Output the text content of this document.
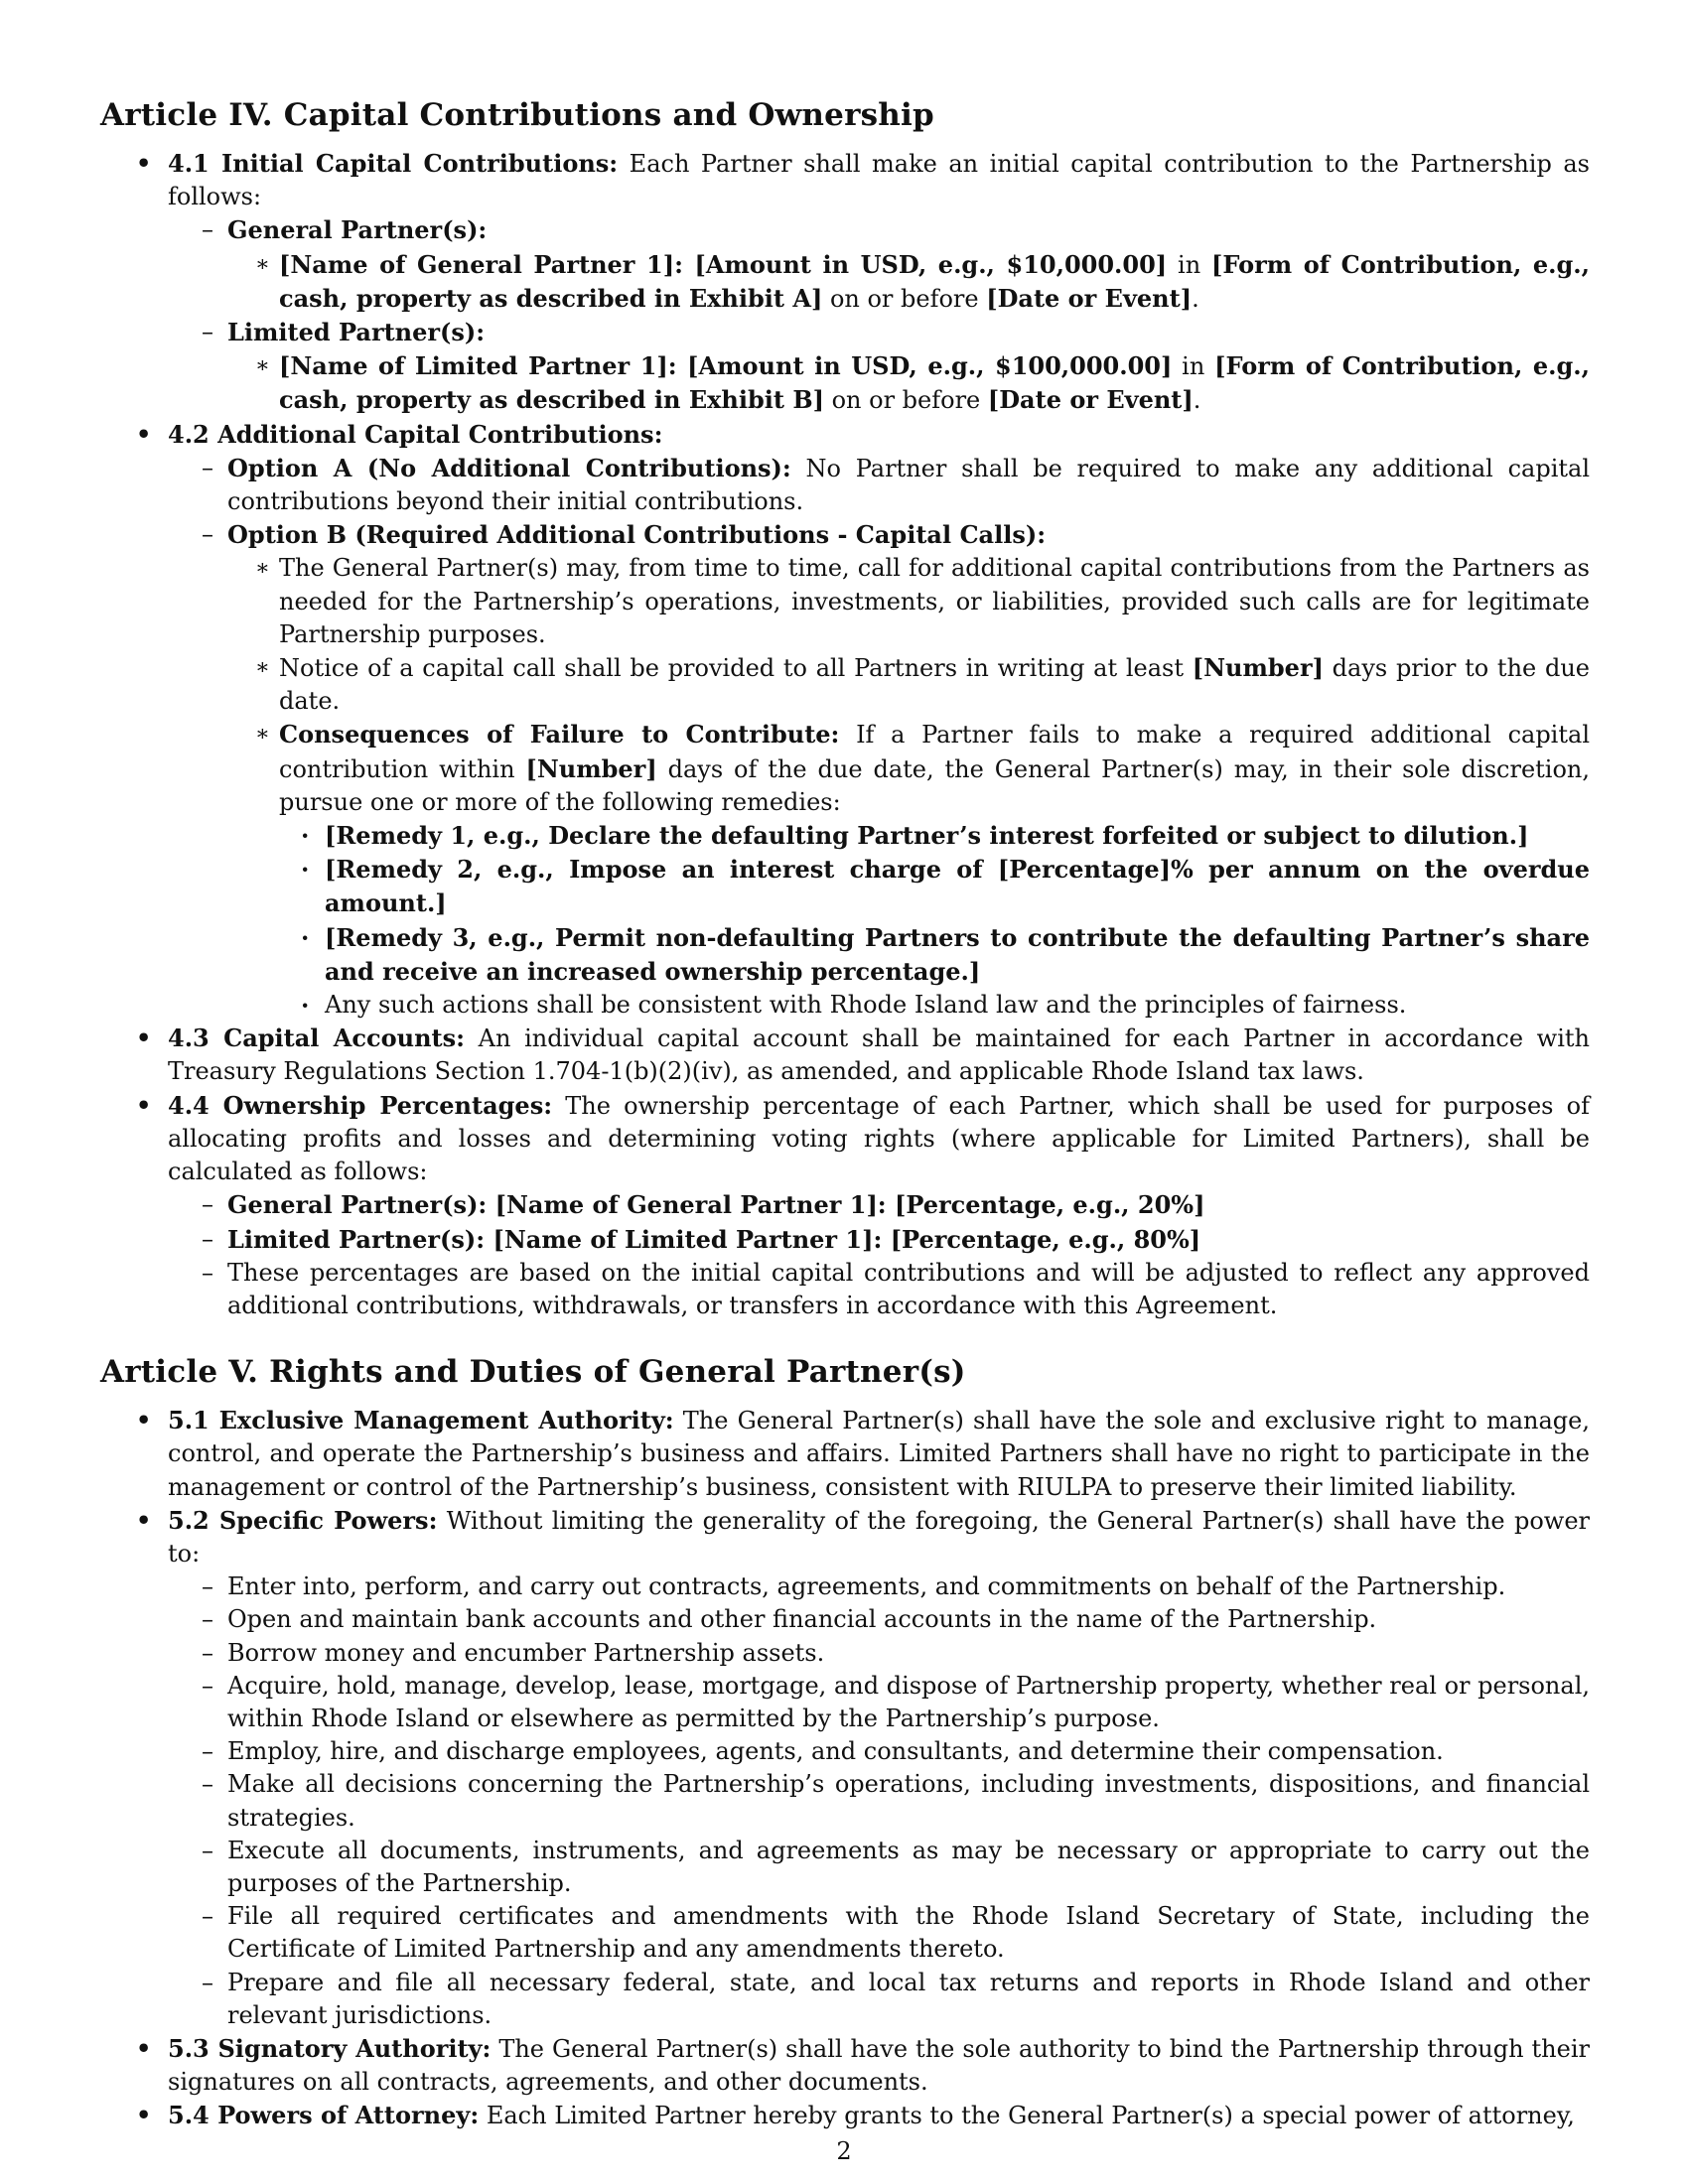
Article IV. Capital Contributions and Ownership
• 4.1 Initial Capital Contributions: Each Partner shall make an initial capital contribution to the Partnership as follows:
– General Partner(s):
∗ [Name of General Partner 1]: [Amount in USD, e.g., $10,000.00] in [Form of Contribution, e.g., cash, property as described in Exhibit A] on or before [Date or Event].
– Limited Partner(s):
∗ [Name of Limited Partner 1]: [Amount in USD, e.g., $100,000.00] in [Form of Contribution, e.g., cash, property as described in Exhibit B] on or before [Date or Event].
• 4.2 Additional Capital Contributions:
– Option A (No Additional Contributions): No Partner shall be required to make any additional capital contributions beyond their initial contributions.
– Option B (Required Additional Contributions - Capital Calls):
∗ The General Partner(s) may, from time to time, call for additional capital contributions from the Partners as needed for the Partnership’s operations, investments, or liabilities, provided such calls are for legitimate Partnership purposes.
∗ Notice of a capital call shall be provided to all Partners in writing at least [Number] days prior to the due date.
∗ Consequences of Failure to Contribute: If a Partner fails to make a required additional capital contribution within [Number] days of the due date, the General Partner(s) may, in their sole discretion, pursue one or more of the following remedies:
· [Remedy 1, e.g., Declare the defaulting Partner’s interest forfeited or subject to dilution.]
· [Remedy 2, e.g., Impose an interest charge of [Percentage]% per annum on the overdue amount.]
· [Remedy 3, e.g., Permit non-defaulting Partners to contribute the defaulting Partner’s share and receive an increased ownership percentage.]
· Any such actions shall be consistent with Rhode Island law and the principles of fairness.
• 4.3 Capital Accounts: An individual capital account shall be maintained for each Partner in accordance with Treasury Regulations Section 1.704-1(b)(2)(iv), as amended, and applicable Rhode Island tax laws.
• 4.4 Ownership Percentages: The ownership percentage of each Partner, which shall be used for purposes of allocating profits and losses and determining voting rights (where applicable for Limited Partners), shall be calculated as follows:
– General Partner(s): [Name of General Partner 1]: [Percentage, e.g., 20%]
– Limited Partner(s): [Name of Limited Partner 1]: [Percentage, e.g., 80%]
– These percentages are based on the initial capital contributions and will be adjusted to reflect any approved additional contributions, withdrawals, or transfers in accordance with this Agreement.
Article V. Rights and Duties of General Partner(s)
• 5.1 Exclusive Management Authority: The General Partner(s) shall have the sole and exclusive right to manage, control, and operate the Partnership’s business and affairs. Limited Partners shall have no right to participate in the management or control of the Partnership’s business, consistent with RIULPA to preserve their limited liability.
• 5.2 Specific Powers: Without limiting the generality of the foregoing, the General Partner(s) shall have the power to:
– Enter into, perform, and carry out contracts, agreements, and commitments on behalf of the Partnership.
– Open and maintain bank accounts and other financial accounts in the name of the Partnership.
– Borrow money and encumber Partnership assets.
– Acquire, hold, manage, develop, lease, mortgage, and dispose of Partnership property, whether real or personal, within Rhode Island or elsewhere as permitted by the Partnership’s purpose.
– Employ, hire, and discharge employees, agents, and consultants, and determine their compensation.
– Make all decisions concerning the Partnership’s operations, including investments, dispositions, and financial strategies.
– Execute all documents, instruments, and agreements as may be necessary or appropriate to carry out the purposes of the Partnership.
– File all required certificates and amendments with the Rhode Island Secretary of State, including the Certificate of Limited Partnership and any amendments thereto.
– Prepare and file all necessary federal, state, and local tax returns and reports in Rhode Island and other relevant jurisdictions.
• 5.3 Signatory Authority: The General Partner(s) shall have the sole authority to bind the Partnership through their signatures on all contracts, agreements, and other documents.
• 5.4 Powers of Attorney: Each Limited Partner hereby grants to the General Partner(s) a special power of attorney,
2
